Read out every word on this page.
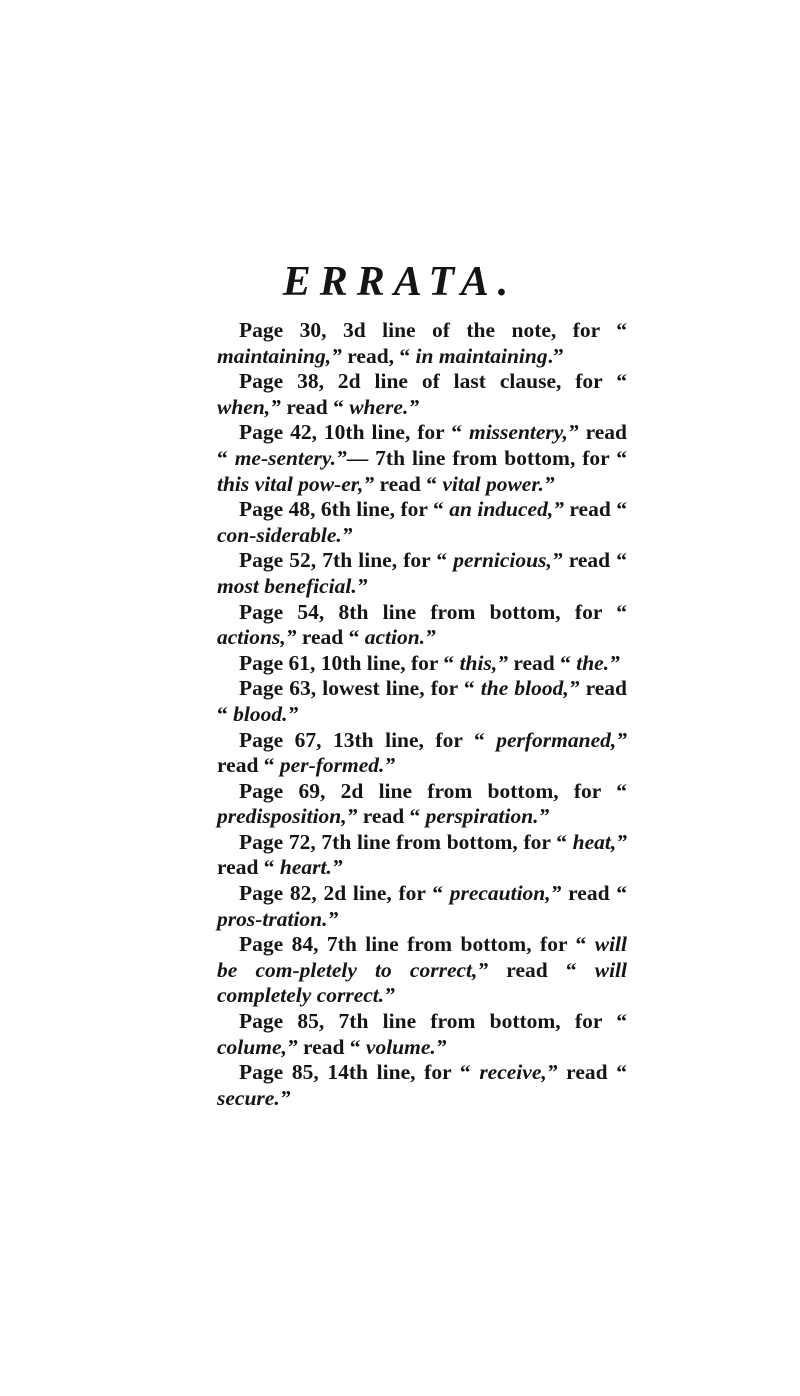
ERRATA.

Page 30, 3d line of the note, for “ maintaining,” read, “ in maintaining.”

Page 38, 2d line of last clause, for “ when,” read “ where.”

Page 42, 10th line, for “ missentery,” read “ me-sentery.”— 7th line from bottom, for “ this vital pow-er,” read “ vital power.”

Page 48, 6th line, for “ an induced,” read “ con-siderable.”

Page 52, 7th line, for “ pernicious,” read “ most beneficial.”

Page 54, 8th line from bottom, for “ actions,” read “ action.”

Page 61, 10th line, for “ this,” read “ the.”

Page 63, lowest line, for “ the blood,” read “ blood.”

Page 67, 13th line, for “ performaned,” read “ per-formed.”

Page 69, 2d line from bottom, for “ predisposition,” read “ perspiration.”

Page 72, 7th line from bottom, for “ heat,” read “ heart.”

Page 82, 2d line, for “ precaution,” read “ pros-tration.”

Page 84, 7th line from bottom, for “ will be com-pletely to correct,” read “ will completely correct.”

Page 85, 7th line from bottom, for “ colume,” read “ volume.”

Page 85, 14th line, for “ receive,” read “ secure.”
